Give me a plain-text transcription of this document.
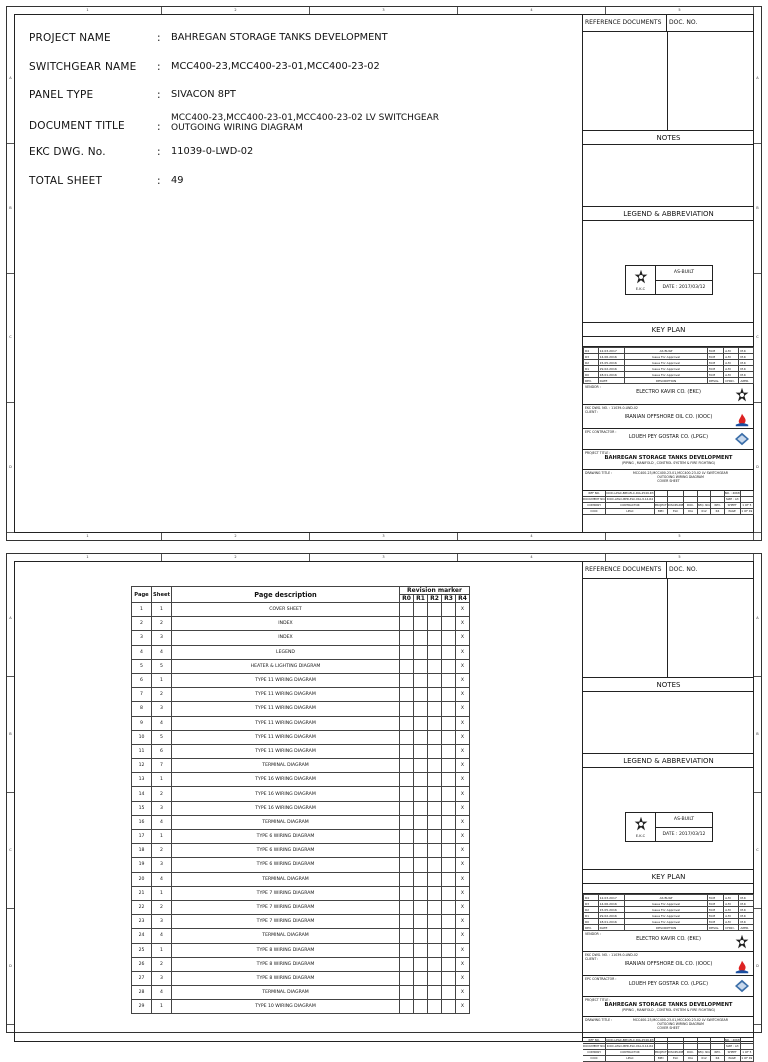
1	2	3	4	5
1	2	3	4	5
A
B
C
D
A
B
C
D
PROJECT NAME	:	BAHREGAN STORAGE TANKS DEVELOPMENT
SWITCHGEAR NAME	:	MCC400-23,MCC400-23-01,MCC400-23-02
PANEL TYPE	:	SIVACON 8PT
DOCUMENT TITLE	:
MCC400-23,MCC400-23-01,MCC400-23-02 LV SWITCHGEAR
OUTGOING WIRING DIAGRAM
EKC DWG. No.	:	11039-0-LWD-02
TOTAL SHEET	:	49
REFERENCE DOCUMENTS	DOC. NO.
NOTES
LEGEND & ABBREVIATION
E.K.C
AS-BUILT
DATE : 2017/03/12
KEY PLAN
R4	12.03.2017	AS BUILT	M.M	A.M	M.K
R3	14.06.2016	Issue For Approval	M.M	A.M	M.K
R2	15.05.2016	Issue For Approval	M.M	A.M	M.K
R1	29.02.2016	Issue For Approval	M.M	A.M	M.K
R0	18.01.2016	Issue For Approval	M.M	A.M	M.K
REV.	DATE	DESCRIPTION	DESIG.	CHKD.	APPR.
VENDOR :
ELECTRO KAVIR CO. (EKC)
EKC DWG. NO. : 11039-0-LWD-02
CLIENT :
IRANIAN OFFSHORE OIL CO. (IOOC)
EPC CONTRACTOR :
LOUEH PEY GOSTAR CO. (LPGC)
PROJECT TITLE :
BAHREGAN STORAGE TANKS DEVELOPMENT
(PIPING , MANIFOLD , CONTROL SYSTEM & FIRE FIGHTING)
DRAWING TITLE :	MCC400-23,MCC400-23-01,MCC400-23-02 LV SWITCHGEAR
OUTGOING WIRING DIAGRAM
COVER SHEET
REF NO.	IOOC-LPGC-BPD-ELC-DIA-2549-R3	NO. : 4068
DOCUMENT NO. IOOC-LPGC-BPD-ELC-DIA-9.14-R4	SIZE : A3
COMPANY	CONTRACTOR	PROJECT DISCIPLINE	DOC.	SEQ. NO.	REV.	SHEET	1 OF 5
IOOC	LPGC	BPD	ELC	DIA	012	R4	PAGE	1 OF 49
1	2	3	4	5
A
B
C
D
A
B
C
D
Page	Sheet	Page description	Revision marker				
			R0	R1	R2	R3	R4
1	1	COVER SHEET					X
2	2	INDEX					X
3	3	INDEX					X
4	4	LEGEND					X
5	5	HEATER & LIGHTING DIAGRAM					X
6	1	TYPE 11 WIRING DIAGRAM					X
7	2	TYPE 11 WIRING DIAGRAM					X
8	3	TYPE 11 WIRING DIAGRAM					X
9	4	TYPE 11 WIRING DIAGRAM					X
10	5	TYPE 11 WIRING DIAGRAM					X
11	6	TYPE 11 WIRING DIAGRAM					X
12	7	TERMINAL DIAGRAM					X
13	1	TYPE 16 WIRING DIAGRAM					X
14	2	TYPE 16 WIRING DIAGRAM					X
15	3	TYPE 16 WIRING DIAGRAM					X
16	4	TERMINAL DIAGRAM					X
17	1	TYPE 6 WIRING DIAGRAM					X
18	2	TYPE 6 WIRING DIAGRAM					X
19	3	TYPE 6 WIRING DIAGRAM					X
20	4	TERMINAL DIAGRAM					X
21	1	TYPE 7 WIRING DIAGRAM					X
22	2	TYPE 7 WIRING DIAGRAM					X
23	3	TYPE 7 WIRING DIAGRAM					X
24	4	TERMINAL DIAGRAM					X
25	1	TYPE 8 WIRING DIAGRAM					X
26	2	TYPE 8 WIRING DIAGRAM					X
27	3	TYPE 8 WIRING DIAGRAM					X
28	4	TERMINAL DIAGRAM					X
29	1	TYPE 10 WIRING DIAGRAM					X
REFERENCE DOCUMENTS	DOC. NO.
NOTES
LEGEND & ABBREVIATION
E.K.C
AS-BUILT
DATE : 2017/03/12
KEY PLAN
R4	12.03.2017	AS BUILT	M.M	A.M	M.K
R3	14.06.2016	Issue For Approval	M.M	A.M	M.K
R2	15.05.2016	Issue For Approval	M.M	A.M	M.K
R1	29.02.2016	Issue For Approval	M.M	A.M	M.K
R0	18.01.2016	Issue For Approval	M.M	A.M	M.K
REV.	DATE	DESCRIPTION	DESIG.	CHKD.	APPR.
VENDOR :
ELECTRO KAVIR CO. (EKC)
EKC DWG. NO. : 11039-0-LWD-02
CLIENT :
IRANIAN OFFSHORE OIL CO. (IOOC)
EPC CONTRACTOR :
LOUEH PEY GOSTAR CO. (LPGC)
PROJECT TITLE :
BAHREGAN STORAGE TANKS DEVELOPMENT
(PIPING , MANIFOLD , CONTROL SYSTEM & FIRE FIGHTING)
DRAWING TITLE :	MCC400-23,MCC400-23-01,MCC400-23-02 LV SWITCHGEAR
OUTGOING WIRING DIAGRAM
COVER SHEET
REF NO.	IOOC-LPGC-BPD-ELC-DIA-2549-R3	NO. : 4068
DOCUMENT NO. IOOC-LPGC-BPD-ELC-DIA-9.14-R4	SIZE : A3
COMPANY	CONTRACTOR	PROJECT DISCIPLINE	DOC.	SEQ. NO.	REV.	SHEET	1 OF 5
IOOC	LPGC	BPD	ELC	DIA	012	R4	PAGE	1 OF 49
